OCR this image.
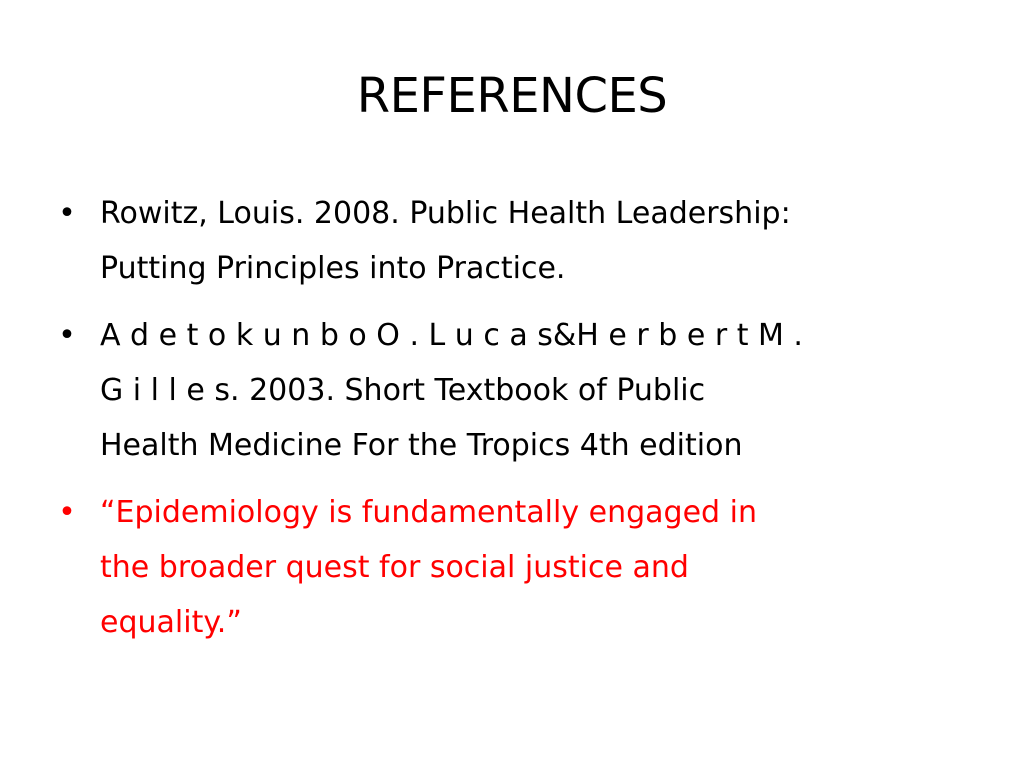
REFERENCES
• Rowitz, Louis. 2008. Public Health Leadership:
Putting Principles into Practice.
• A d e t o k u n b o O . L u c a s&H e r b e r t M .
G i l l e s. 2003. Short Textbook of Public
Health Medicine For the Tropics 4th edition
• “Epidemiology is fundamentally engaged in
the broader quest for social justice and
equality.”
